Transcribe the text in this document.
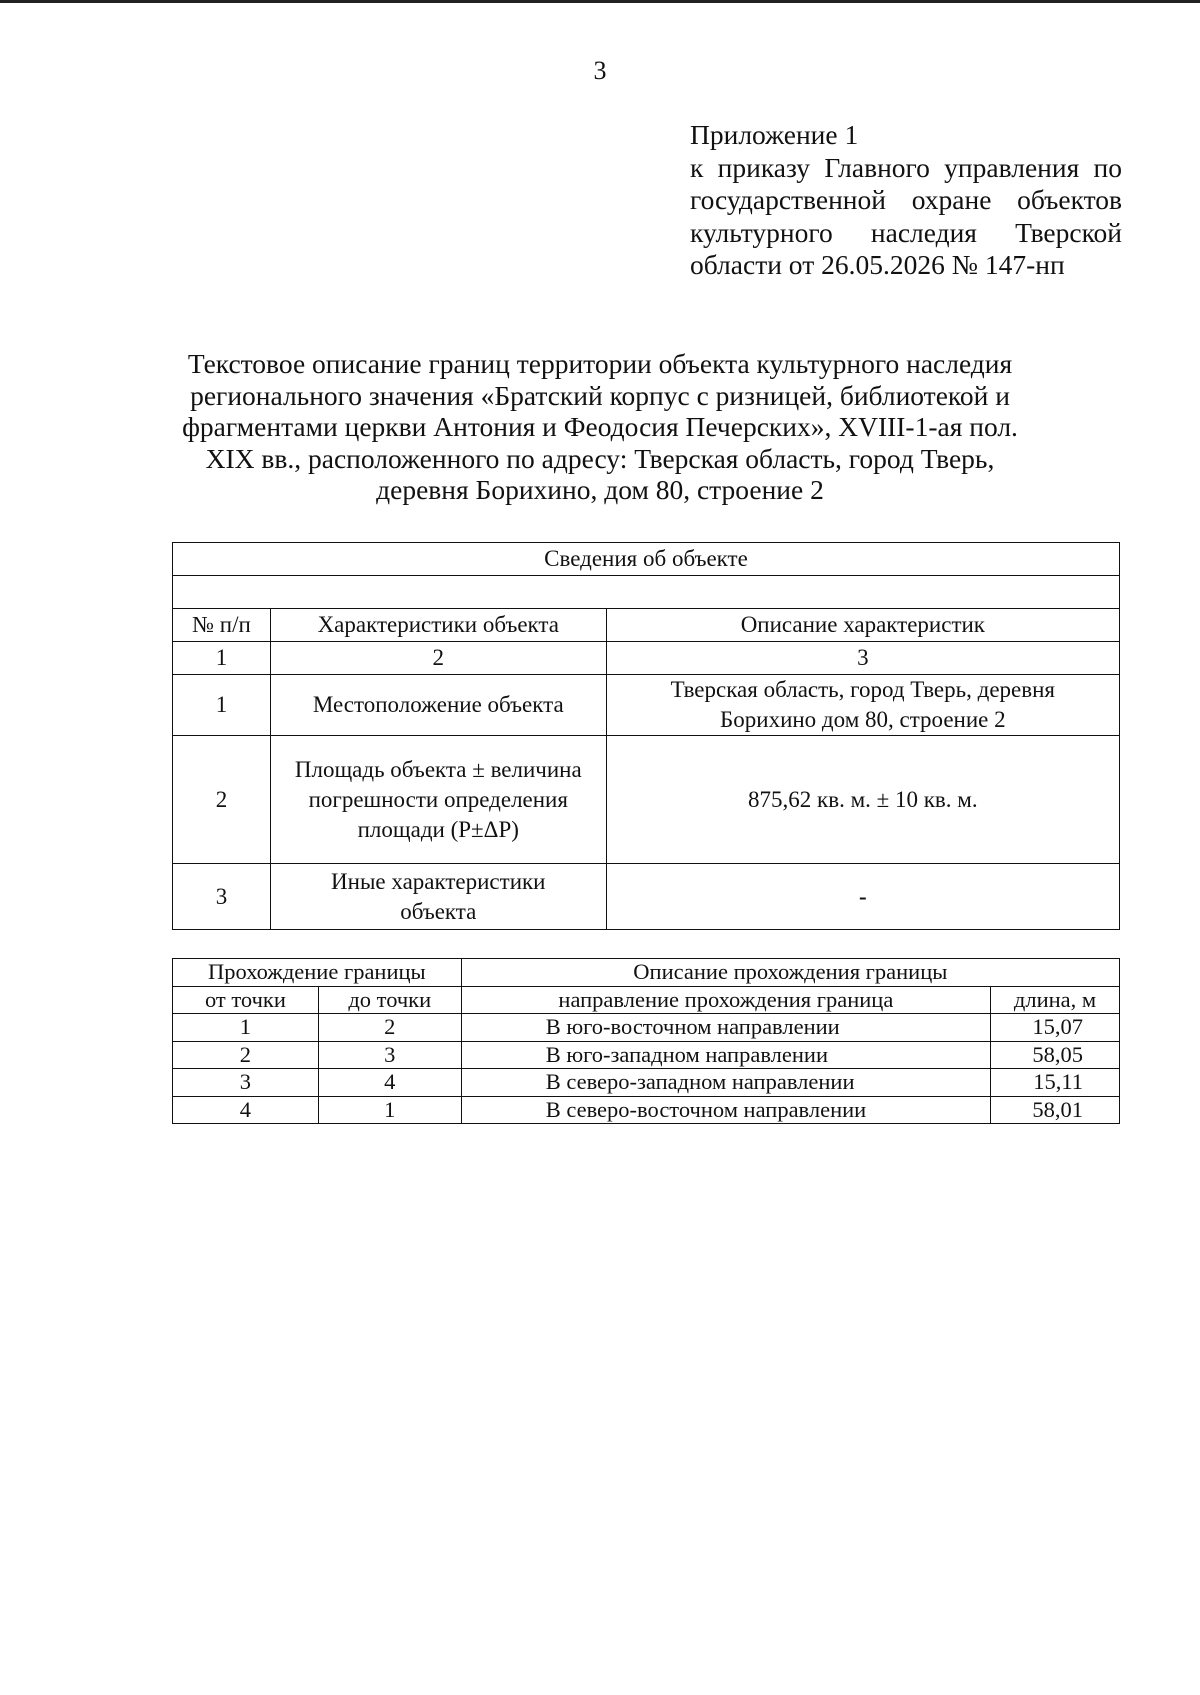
3
Приложение 1
к приказу Главного управления по
государственной охране объектов
культурного наследия Тверской
области от 26.05.2026 № 147-нп
Текстовое описание границ территории объекта культурного наследия
регионального значения «Братский корпус с ризницей, библиотекой и
фрагментами церкви Антония и Феодосия Печерских», XVIII-1-ая пол.
XIX вв., расположенного по адресу: Тверская область, город Тверь,
деревня Борихино, дом 80, строение 2
Сведения об объекте		

№ п/п	Характеристики объекта	Описание характеристик
1	2	3
1	Местоположение объекта	Тверская область, город Тверь, деревня Борихино дом 80, строение 2
2	Площадь объекта ± величина погрешности определения площади (Р±ΔР)	875,62 кв. м. ± 10 кв. м.
3	Иные характеристики объекта	-
Прохождение границы		Описание прохождения границы	
от точки	до точки	направление прохождения граница	длина, м
1	2	В юго-восточном направлении	15,07
2	3	В юго-западном направлении	58,05
3	4	В северо-западном направлении	15,11
4	1	В северо-восточном направлении	58,01
